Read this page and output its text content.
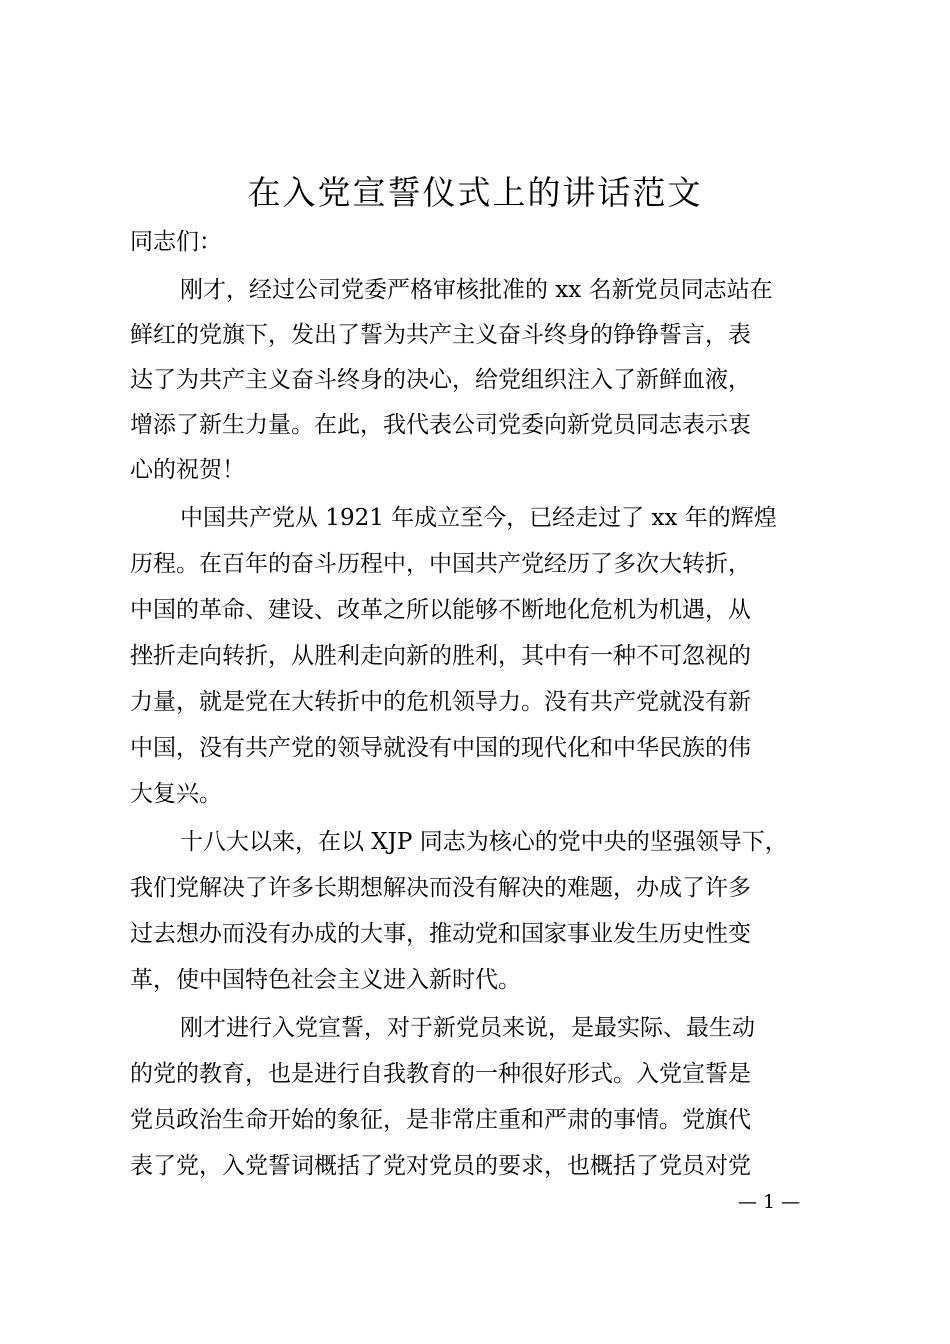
在入党宣誓仪式上的讲话范文
同志们：
刚才，经过公司党委严格审核批准的 xx 名新党员同志站在
鲜红的党旗下，发出了誓为共产主义奋斗终身的铮铮誓言，表
达了为共产主义奋斗终身的决心，给党组织注入了新鲜血液，
增添了新生力量。在此，我代表公司党委向新党员同志表示衷
心的祝贺！
中国共产党从 1921 年成立至今，已经走过了 xx 年的辉煌
历程。在百年的奋斗历程中，中国共产党经历了多次大转折，
中国的革命、建设、改革之所以能够不断地化危机为机遇，从
挫折走向转折，从胜利走向新的胜利，其中有一种不可忽视的
力量，就是党在大转折中的危机领导力。没有共产党就没有新
中国，没有共产党的领导就没有中国的现代化和中华民族的伟
大复兴。
十八大以来，在以 XJP 同志为核心的党中央的坚强领导下，
我们党解决了许多长期想解决而没有解决的难题，办成了许多
过去想办而没有办成的大事，推动党和国家事业发生历史性变
革，使中国特色社会主义进入新时代。
刚才进行入党宣誓，对于新党员来说，是最实际、最生动
的党的教育，也是进行自我教育的一种很好形式。入党宣誓是
党员政治生命开始的象征，是非常庄重和严肃的事情。党旗代
表了党，入党誓词概括了党对党员的要求，也概括了党员对党
— 1 —
